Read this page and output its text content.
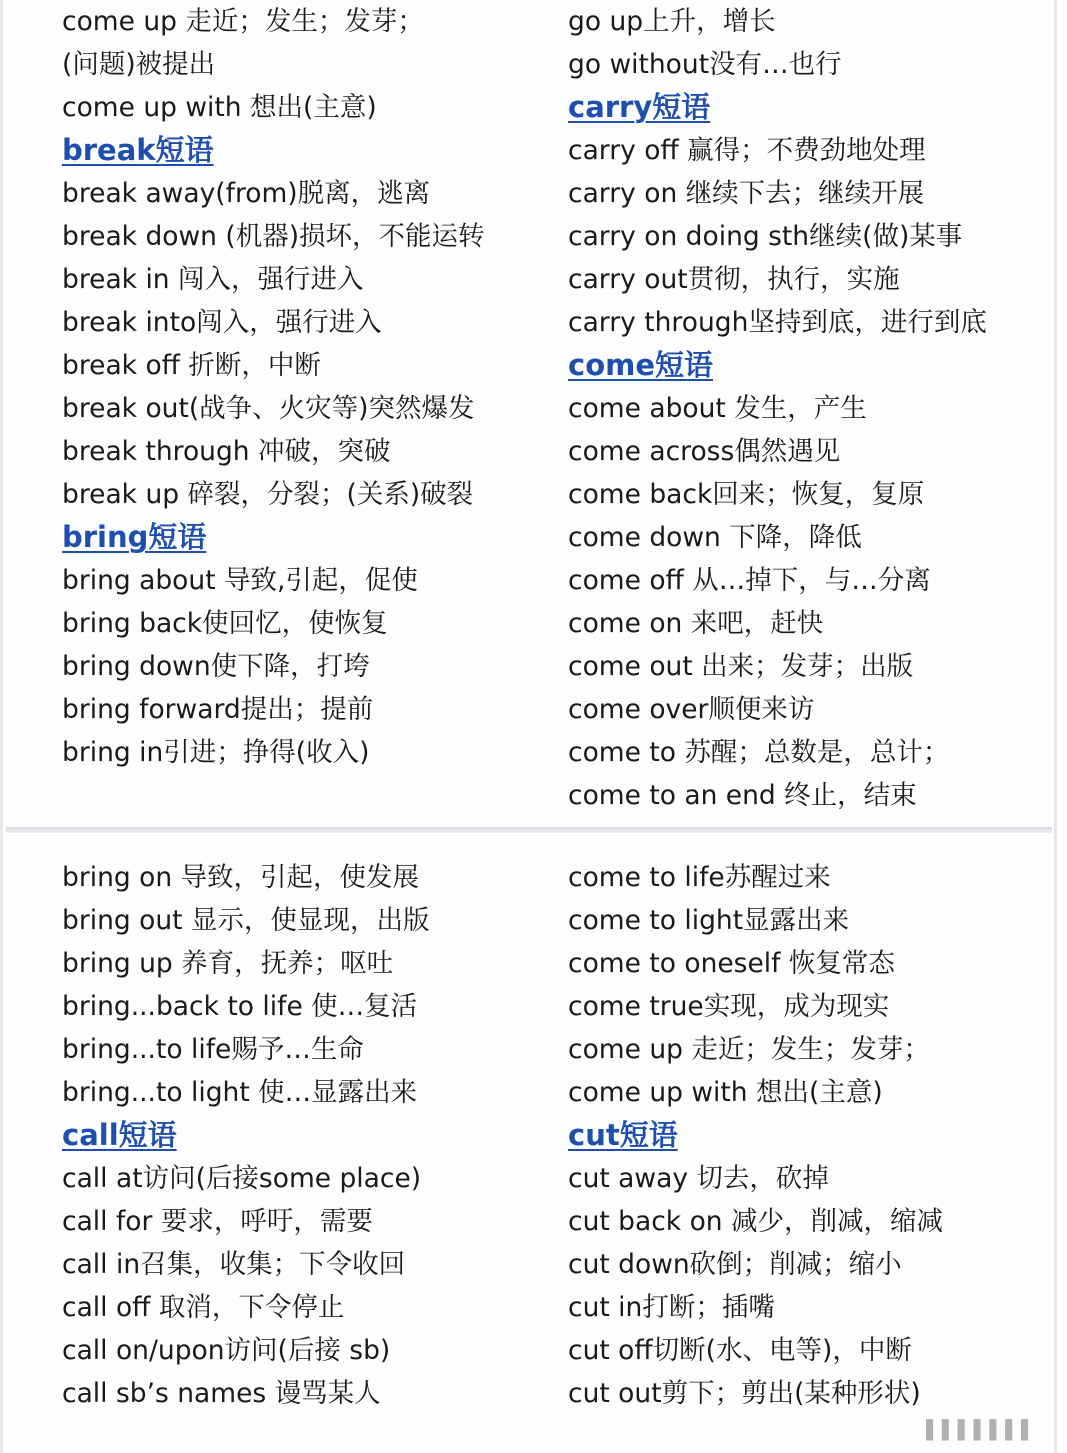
come up 走近；发生；发芽；
(问题)被提出
come up with 想出(主意)
break短语
break away(from)脱离，逃离
break down (机器)损坏，不能运转
break in 闯入，强行进入
break into闯入，强行进入
break off 折断，中断
break out(战争、火灾等)突然爆发
break through 冲破，突破
break up 碎裂，分裂；(关系)破裂
bring短语
bring about 导致,引起，促使
bring back使回忆，使恢复
bring down使下降，打垮
bring forward提出；提前
bring in引进；挣得(收入)
go up上升，增长
go without没有…也行
carry短语
carry off 赢得；不费劲地处理
carry on 继续下去；继续开展
carry on doing sth继续(做)某事
carry out贯彻，执行，实施
carry through坚持到底，进行到底
come短语
come about 发生，产生
come across偶然遇见
come back回来；恢复，复原
come down 下降，降低
come off 从…掉下，与…分离
come on 来吧，赶快
come out 出来；发芽；出版
come over顺便来访
come to 苏醒；总数是，总计；
come to an end 终止，结束
bring on 导致，引起，使发展
bring out 显示，使显现，出版
bring up 养育，抚养；呕吐
bring...back to life 使…复活
bring...to life赐予…生命
bring...to light 使…显露出来
call短语
call at访问(后接some place)
call for 要求，呼吁，需要
call in召集，收集；下令收回
call off 取消，下令停止
call on/upon访问(后接 sb)
call sb’s names 谩骂某人
come to life苏醒过来
come to light显露出来
come to oneself 恢复常态
come true实现，成为现实
come up 走近；发生；发芽；
come up with 想出(主意)
cut短语
cut away 切去，砍掉
cut back on 减少，削减，缩减
cut down砍倒；削减；缩小
cut in打断；插嘴
cut off切断(水、电等)，中断
cut out剪下；剪出(某种形状)
▌▌▌▌▌▌▌
